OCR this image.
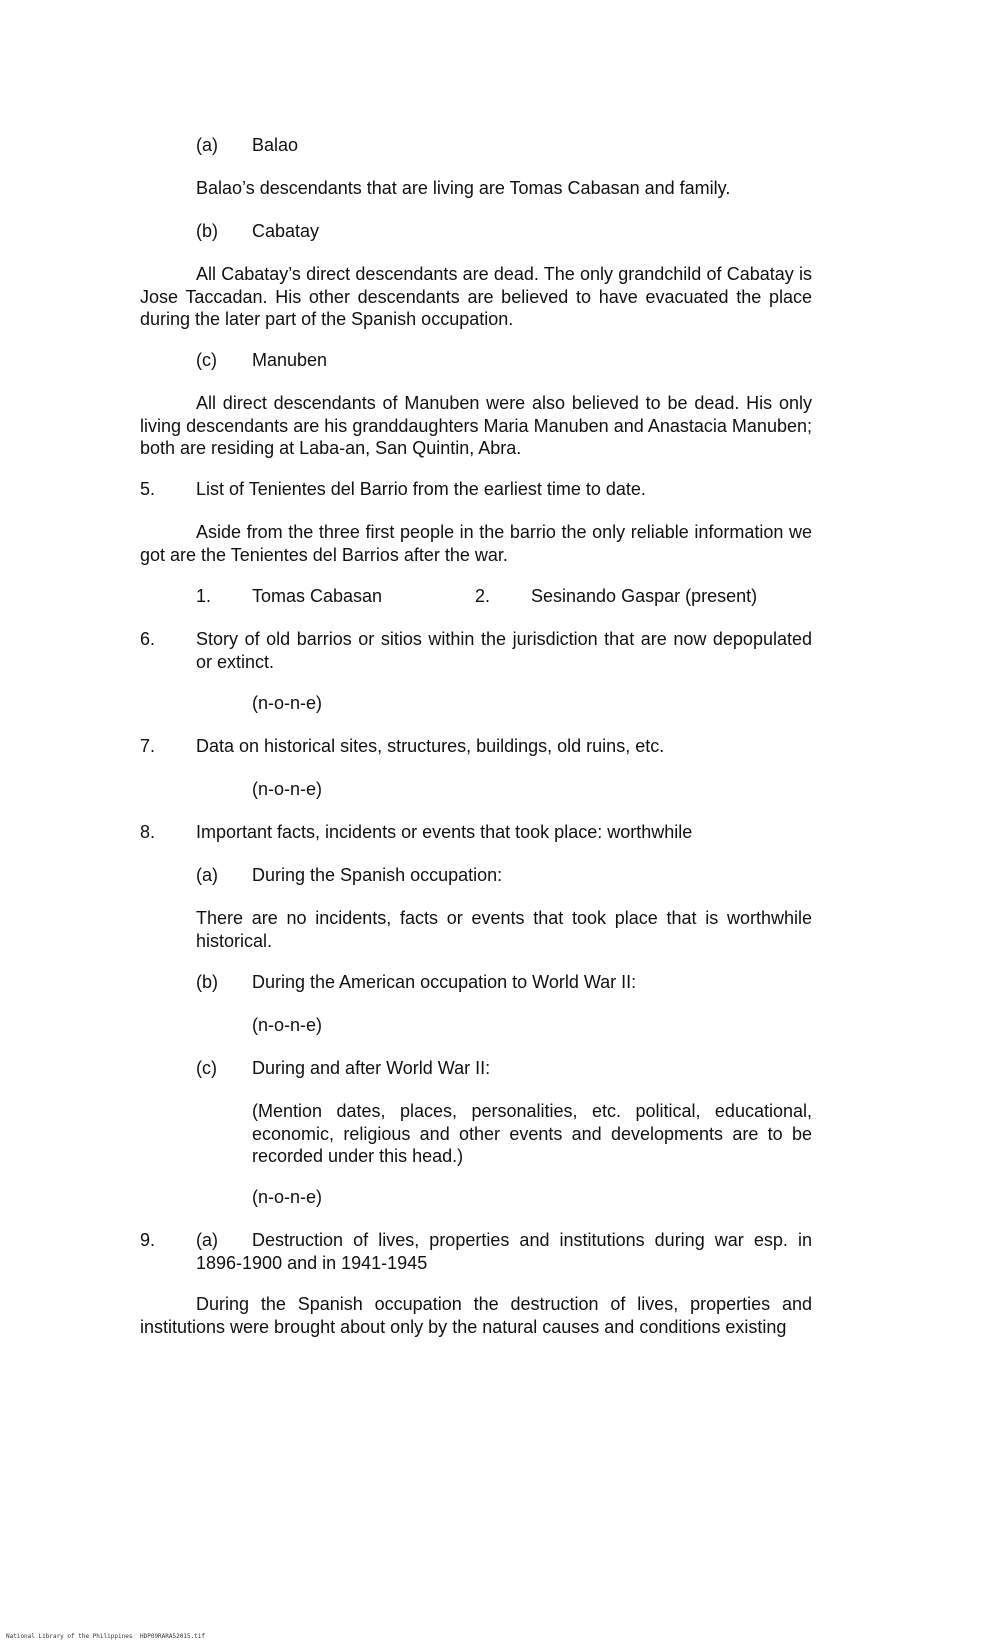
(a) Balao
Balao’s descendants that are living are Tomas Cabasan and family.
(b) Cabatay
All Cabatay’s direct descendants are dead. The only grandchild of Cabatay is Jose Taccadan. His other descendants are believed to have evacuated the place during the later part of the Spanish occupation.
(c) Manuben
All direct descendants of Manuben were also believed to be dead. His only living descendants are his granddaughters Maria Manuben and Anastacia Manuben; both are residing at Laba-an, San Quintin, Abra.
5. List of Tenientes del Barrio from the earliest time to date.
Aside from the three first people in the barrio the only reliable information we got are the Tenientes del Barrios after the war.
1. Tomas Cabasan	2. Sesinando Gaspar (present)
6. Story of old barrios or sitios within the jurisdiction that are now depopulated or extinct.
(n-o-n-e)
7. Data on historical sites, structures, buildings, old ruins, etc.
(n-o-n-e)
8. Important facts, incidents or events that took place: worthwhile
(a) During the Spanish occupation:
There are no incidents, facts or events that took place that is worthwhile historical.
(b) During the American occupation to World War II:
(n-o-n-e)
(c) During and after World War II:
(Mention dates, places, personalities, etc. political, educational, economic, religious and other events and developments are to be recorded under this head.)
(n-o-n-e)
9. (a) Destruction of lives, properties and institutions during war esp. in 1896-1900 and in 1941-1945
During the Spanish occupation the destruction of lives, properties and institutions were brought about only by the natural causes and conditions existing
National Library of the Philippines HDP09RARA52015.tif
